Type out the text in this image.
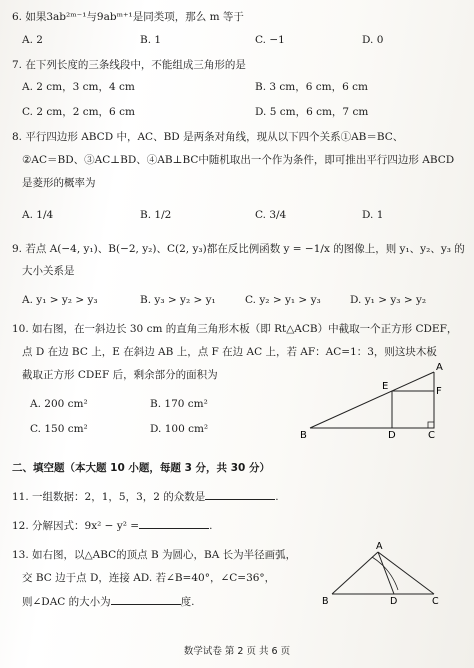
6. 如果3ab²ᵐ⁻¹与9abᵐ⁺¹是同类项，那么 m 等于
A. 2	B. 1	C. −1	D. 0
7. 在下列长度的三条线段中，不能组成三角形的是
A. 2 cm，3 cm，4 cm	B. 3 cm，6 cm，6 cm
C. 2 cm，2 cm，6 cm	D. 5 cm，6 cm，7 cm
8. 平行四边形 ABCD 中，AC、BD 是两条对角线，现从以下四个关系①AB＝BC、
②AC＝BD、③AC⊥BD、④AB⊥BC中随机取出一个作为条件，即可推出平行四边形 ABCD
是菱形的概率为
A. 1/4	B. 1/2	C. 3/4	D. 1
9. 若点 A(−4, y₁)、B(−2, y₂)、C(2, y₃)都在反比例函数 y = −1/x 的图像上，则 y₁、y₂、y₃ 的
大小关系是
A. y₁ > y₂ > y₃	B. y₃ > y₂ > y₁	C. y₂ > y₁ > y₃	D. y₁ > y₃ > y₂
10. 如右图，在一斜边长 30 cm 的直角三角形木板（即 Rt△ACB）中截取一个正方形 CDEF，
点 D 在边 BC 上，E 在斜边 AB 上，点 F 在边 AC 上，若 AF：AC=1：3，则这块木板
截取正方形 CDEF 后，剩余部分的面积为
A. 200 cm²	B. 170 cm²
C. 150 cm²	D. 100 cm²
B	D	C
A
E	F
二、填空题（本大题 10 小题，每题 3 分，共 30 分）
11. 一组数据：2，1，5，3，2 的众数是	.
12. 分解因式：9x² − y² =	.
13. 如右图，以△ABC的顶点 B 为圆心，BA 长为半径画弧，
交 BC 边于点 D，连接 AD. 若∠B=40°，∠C=36°，
则∠DAC 的大小为	度.	B	D	C
A
数学试卷 第 2 页 共 6 页
